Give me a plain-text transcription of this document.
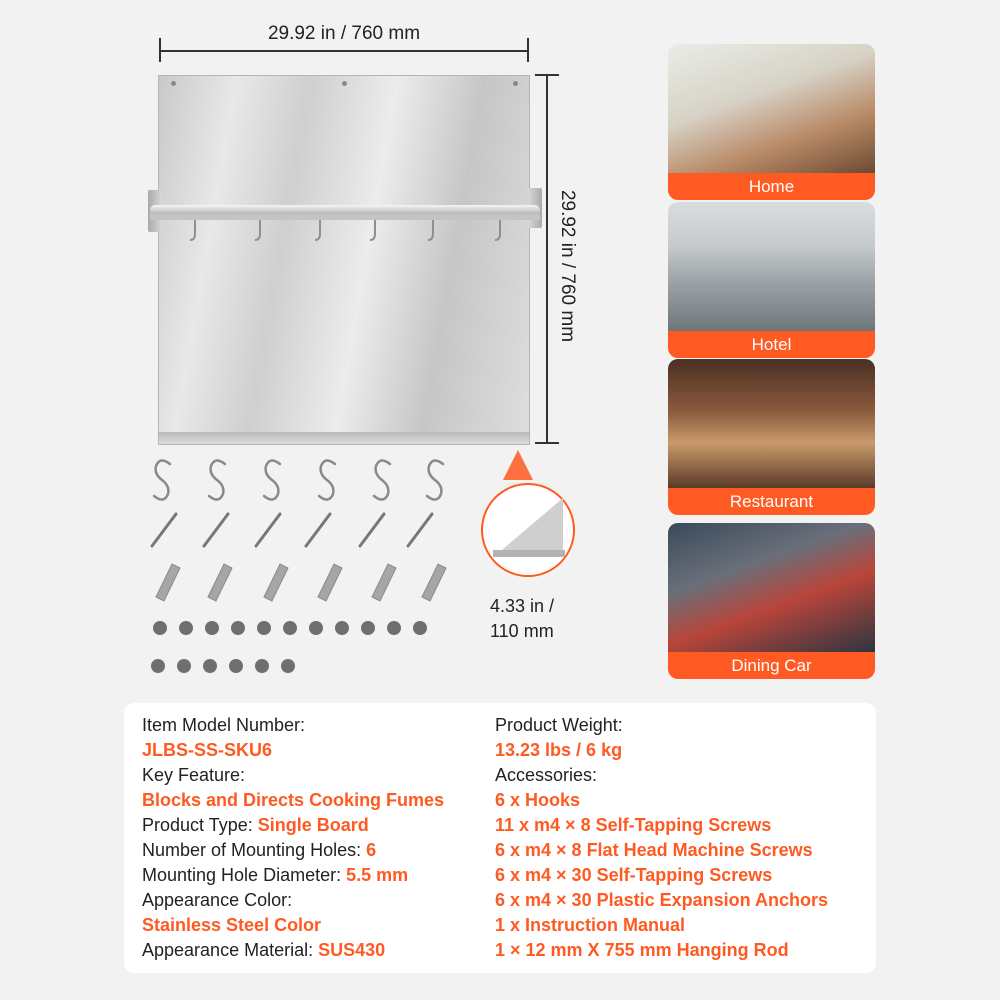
29.92 in / 760 mm
29.92 in / 760 mm
4.33 in /
110 mm
Home
Hotel
Restaurant
Dining Car
Item Model Number:
JLBS-SS-SKU6
Key Feature:
Blocks and Directs Cooking Fumes
Product Type: Single Board
Number of Mounting Holes: 6
Mounting Hole Diameter: 5.5 mm
Appearance Color:
Stainless Steel Color
Appearance Material: SUS430
Product Weight:
13.23 lbs / 6 kg
Accessories:
6 x Hooks
11 x m4 × 8 Self-Tapping Screws
6 x m4 × 8 Flat Head Machine Screws
6 x m4 × 30 Self-Tapping Screws
6 x m4 × 30 Plastic Expansion Anchors
1 x Instruction Manual
1 × 12 mm X 755 mm Hanging Rod
